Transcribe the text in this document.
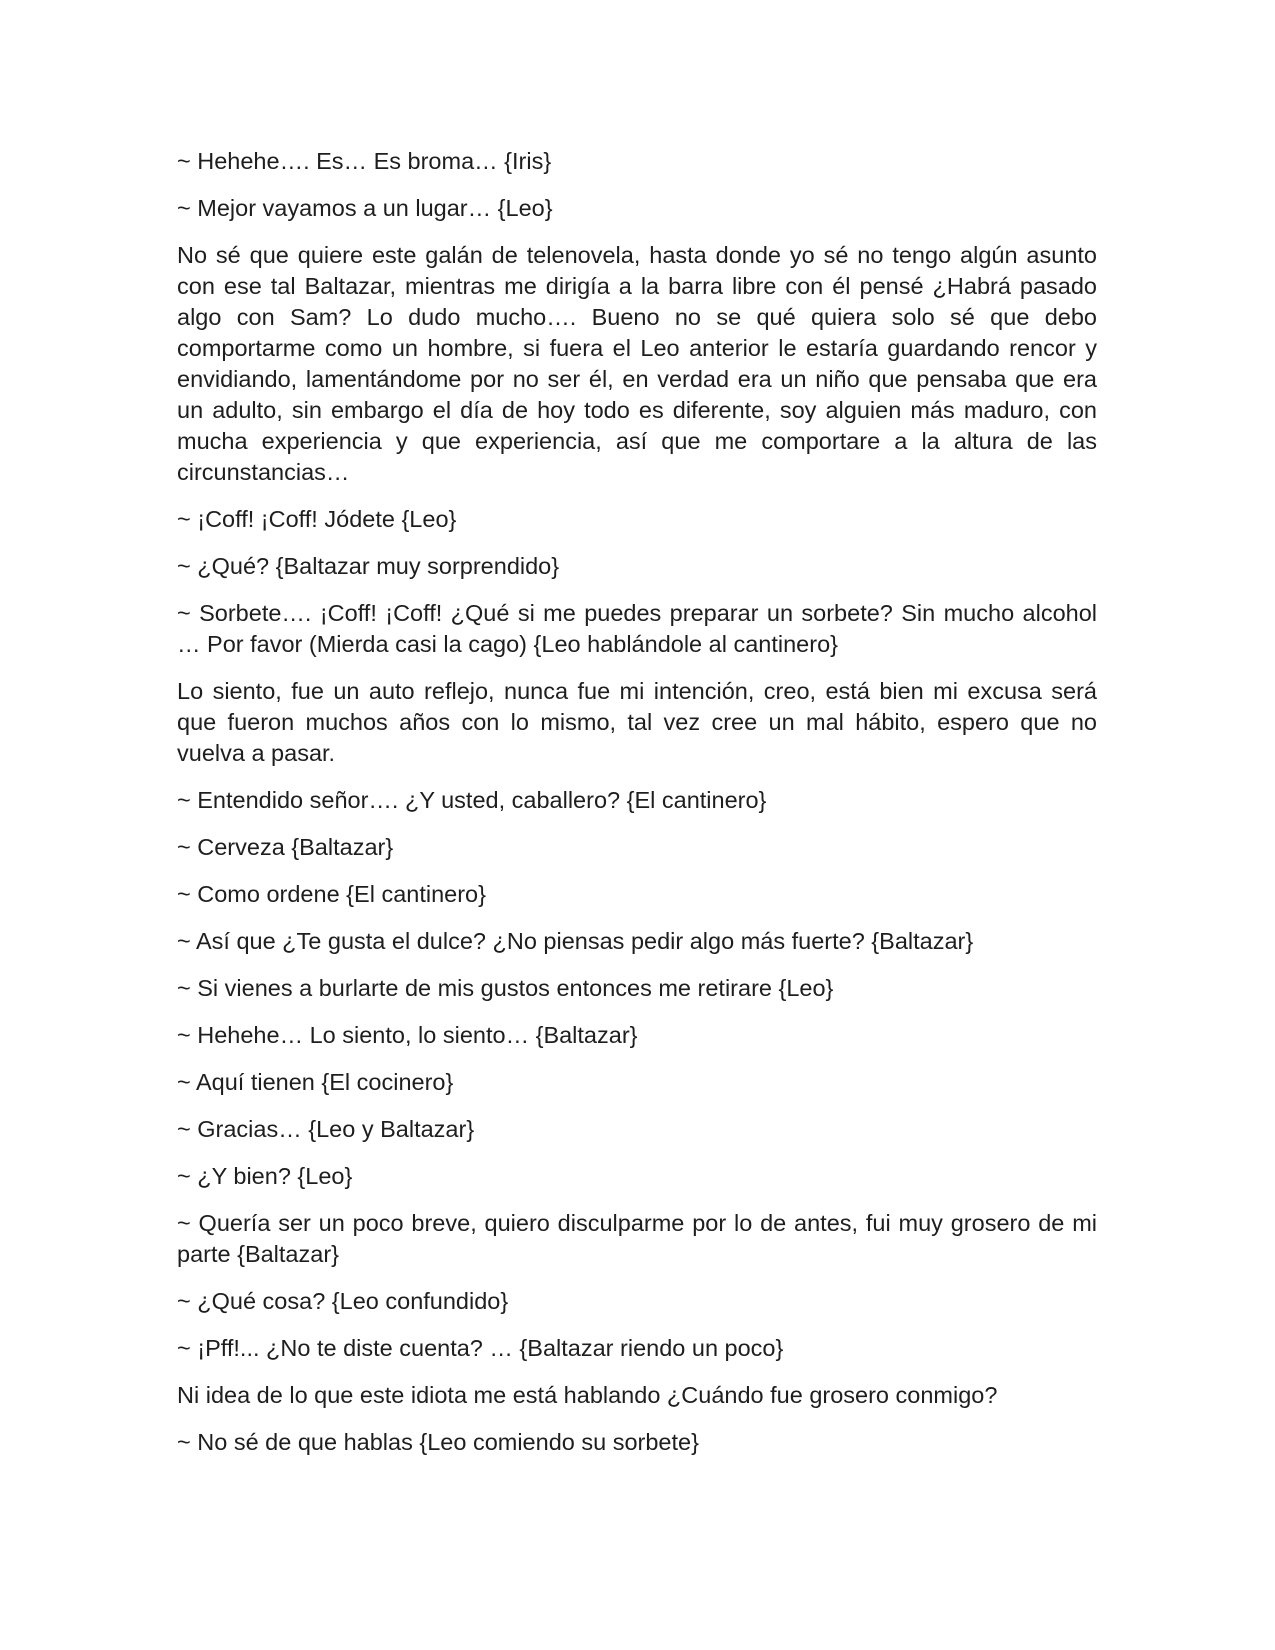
~ Hehehe…. Es… Es broma… {Iris}

~ Mejor vayamos a un lugar… {Leo}

No sé que quiere este galán de telenovela, hasta donde yo sé no tengo algún asunto con ese tal Baltazar, mientras me dirigía a la barra libre con él pensé ¿Habrá pasado algo con Sam? Lo dudo mucho…. Bueno no se qué quiera solo sé que debo comportarme como un hombre, si fuera el Leo anterior le estaría guardando rencor y envidiando, lamentándome por no ser él, en verdad era un niño que pensaba que era un adulto, sin embargo el día de hoy todo es diferente, soy alguien más maduro, con mucha experiencia y que experiencia, así que me comportare a la altura de las circunstancias…

~ ¡Coff! ¡Coff! Jódete {Leo}

~ ¿Qué? {Baltazar muy sorprendido}

~ Sorbete…. ¡Coff! ¡Coff! ¿Qué si me puedes preparar un sorbete? Sin mucho alcohol … Por favor (Mierda casi la cago) {Leo hablándole al cantinero}

Lo siento, fue un auto reflejo, nunca fue mi intención, creo, está bien mi excusa será que fueron muchos años con lo mismo, tal vez cree un mal hábito, espero que no vuelva a pasar.

~ Entendido señor…. ¿Y usted, caballero? {El cantinero}

~ Cerveza {Baltazar}

~ Como ordene {El cantinero}

~ Así que ¿Te gusta el dulce? ¿No piensas pedir algo más fuerte? {Baltazar}

~ Si vienes a burlarte de mis gustos entonces me retirare {Leo}

~ Hehehe… Lo siento, lo siento… {Baltazar}

~ Aquí tienen {El cocinero}

~ Gracias… {Leo y Baltazar}

~ ¿Y bien? {Leo}

~ Quería ser un poco breve, quiero disculparme por lo de antes, fui muy grosero de mi parte {Baltazar}

~ ¿Qué cosa? {Leo confundido}

~ ¡Pff!... ¿No te diste cuenta? … {Baltazar riendo un poco}

Ni idea de lo que este idiota me está hablando ¿Cuándo fue grosero conmigo?

~ No sé de que hablas {Leo comiendo su sorbete}
